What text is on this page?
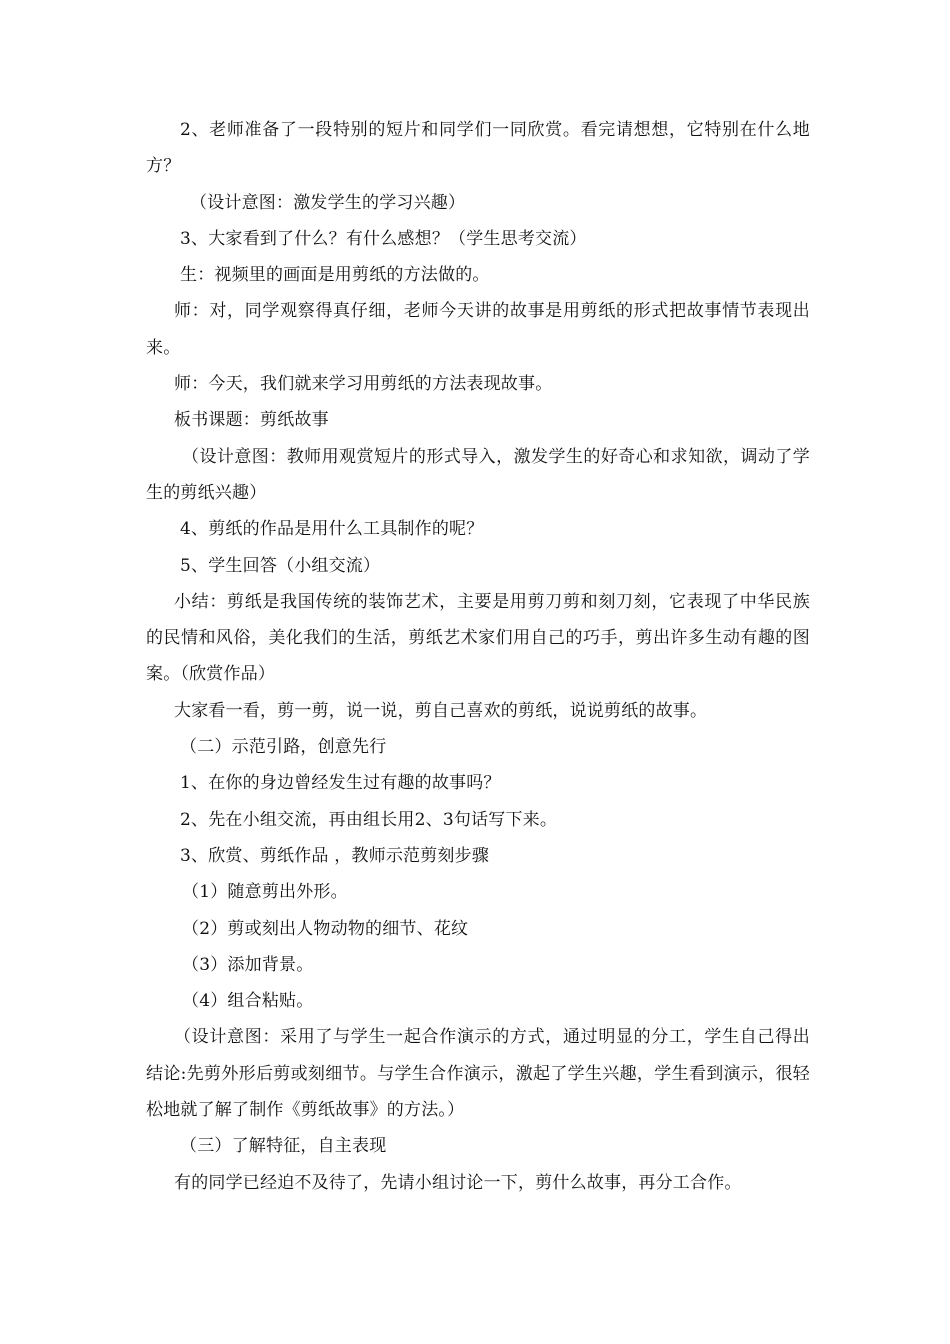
2、老师准备了一段特别的短片和同学们一同欣赏。看完请想想，它特别在什么地方？

（设计意图：激发学生的学习兴趣）

3、大家看到了什么？有什么感想？（学生思考交流）

生：视频里的画面是用剪纸的方法做的。

师：对，同学观察得真仔细，老师今天讲的故事是用剪纸的形式把故事情节表现出来。

师：今天，我们就来学习用剪纸的方法表现故事。

板书课题：剪纸故事

（设计意图：教师用观赏短片的形式导入，激发学生的好奇心和求知欲，调动了学生的剪纸兴趣）

4、剪纸的作品是用什么工具制作的呢？

5、学生回答（小组交流）

小结：剪纸是我国传统的装饰艺术，主要是用剪刀剪和刻刀刻，它表现了中华民族的民情和风俗，美化我们的生活，剪纸艺术家们用自己的巧手，剪出许多生动有趣的图案。（欣赏作品）

大家看一看，剪一剪，说一说，剪自己喜欢的剪纸，说说剪纸的故事。

（二）示范引路，创意先行

1、在你的身边曾经发生过有趣的故事吗？

2、先在小组交流，再由组长用2、3句话写下来。

3、欣赏、剪纸作品 ，教师示范剪刻步骤

（1）随意剪出外形。

（2）剪或刻出人物动物的细节、花纹

（3）添加背景。

（4）组合粘贴。

（设计意图：采用了与学生一起合作演示的方式，通过明显的分工，学生自己得出结论:先剪外形后剪或刻细节。与学生合作演示，激起了学生兴趣，学生看到演示，很轻松地就了解了制作《剪纸故事》的方法。）

（三）了解特征，自主表现

有的同学已经迫不及待了，先请小组讨论一下，剪什么故事，再分工合作。
